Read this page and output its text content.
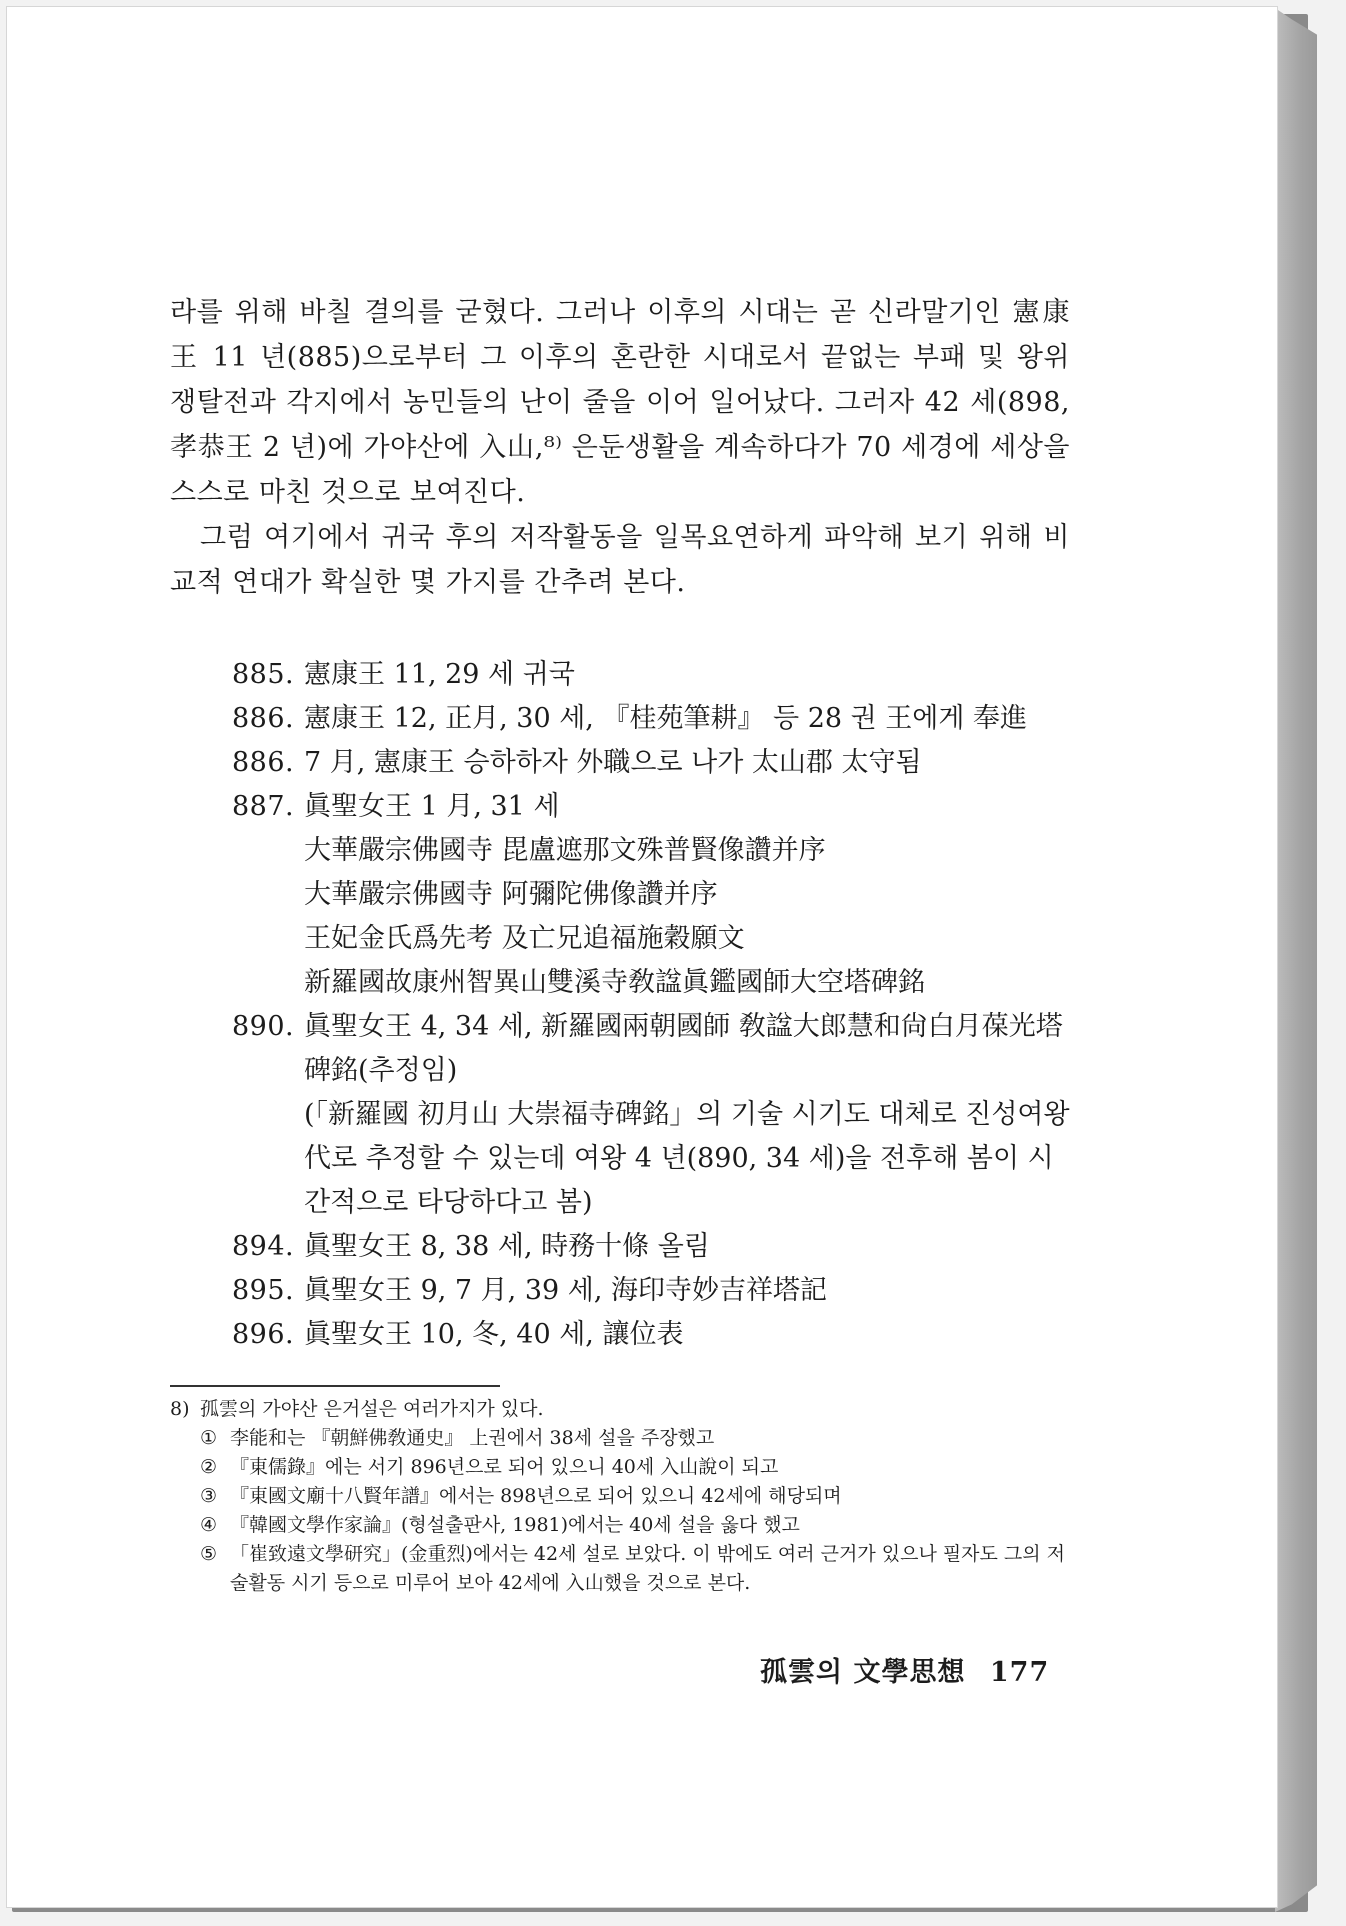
라를 위해 바칠 결의를 굳혔다. 그러나 이후의 시대는 곧 신라말기인 憲康王 11 년(885)으로부터 그 이후의 혼란한 시대로서 끝없는 부패 및 왕위 쟁탈전과 각지에서 농민들의 난이 줄을 이어 일어났다. 그러자 42 세(898, 孝恭王 2 년)에 가야산에 入山,⁸⁾ 은둔생활을 계속하다가 70 세경에 세상을 스스로 마친 것으로 보여진다.

그럼 여기에서 귀국 후의 저작활동을 일목요연하게 파악해 보기 위해 비교적 연대가 확실한 몇 가지를 간추려 본다.

885. 憲康王 11, 29 세 귀국
886. 憲康王 12, 正月, 30 세, 『桂苑筆耕』 등 28 권 王에게 奉進
886. 7 月, 憲康王 승하하자 外職으로 나가 太山郡 太守됨
887. 眞聖女王 1 月, 31 세
大華嚴宗佛國寺 毘盧遮那文殊普賢像讚并序
大華嚴宗佛國寺 阿彌陀佛像讚并序
王妃金氏爲先考 及亡兄追福施穀願文
新羅國故康州智異山雙溪寺敎諡眞鑑國師大空塔碑銘
890. 眞聖女王 4, 34 세, 新羅國兩朝國師 敎諡大郎慧和尙白月葆光塔碑銘(추정임)
(「新羅國 初月山 大崇福寺碑銘」의 기술 시기도 대체로 진성여왕代로 추정할 수 있는데 여왕 4 년(890, 34 세)을 전후해 봄이 시간적으로 타당하다고 봄)
894. 眞聖女王 8, 38 세, 時務十條 올림
895. 眞聖女王 9, 7 月, 39 세, 海印寺妙吉祥塔記
896. 眞聖女王 10, 冬, 40 세, 讓位表
8) 孤雲의 가야산 은거설은 여러가지가 있다.
① 李能和는 『朝鮮佛敎通史』 上권에서 38세 설을 주장했고
② 『東儒錄』에는 서기 896년으로 되어 있으니 40세 入山說이 되고
③ 『東國文廟十八賢年譜』에서는 898년으로 되어 있으니 42세에 해당되며
④ 『韓國文學作家論』(형설출판사, 1981)에서는 40세 설을 옳다 했고
⑤ 「崔致遠文學研究」(金重烈)에서는 42세 설로 보았다. 이 밖에도 여러 근거가 있으나 필자도 그의 저술활동 시기 등으로 미루어 보아 42세에 入山했을 것으로 본다.
孤雲의 文學思想 177
